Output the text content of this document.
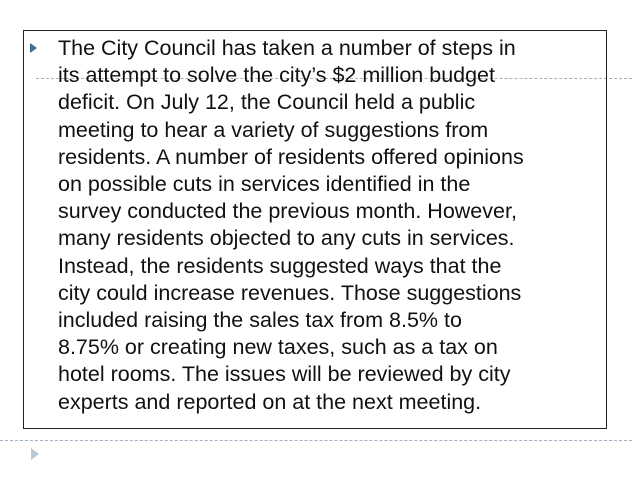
The City Council has taken a number of steps in
its attempt to solve the city’s $2 million budget
deficit. On July 12, the Council held a public
meeting to hear a variety of suggestions from
residents. A number of residents offered opinions
on possible cuts in services identified in the
survey conducted the previous month. However,
many residents objected to any cuts in services.
Instead, the residents suggested ways that the
city could increase revenues. Those suggestions
included raising the sales tax from 8.5% to
8.75% or creating new taxes, such as a tax on
hotel rooms. The issues will be reviewed by city
experts and reported on at the next meeting.
